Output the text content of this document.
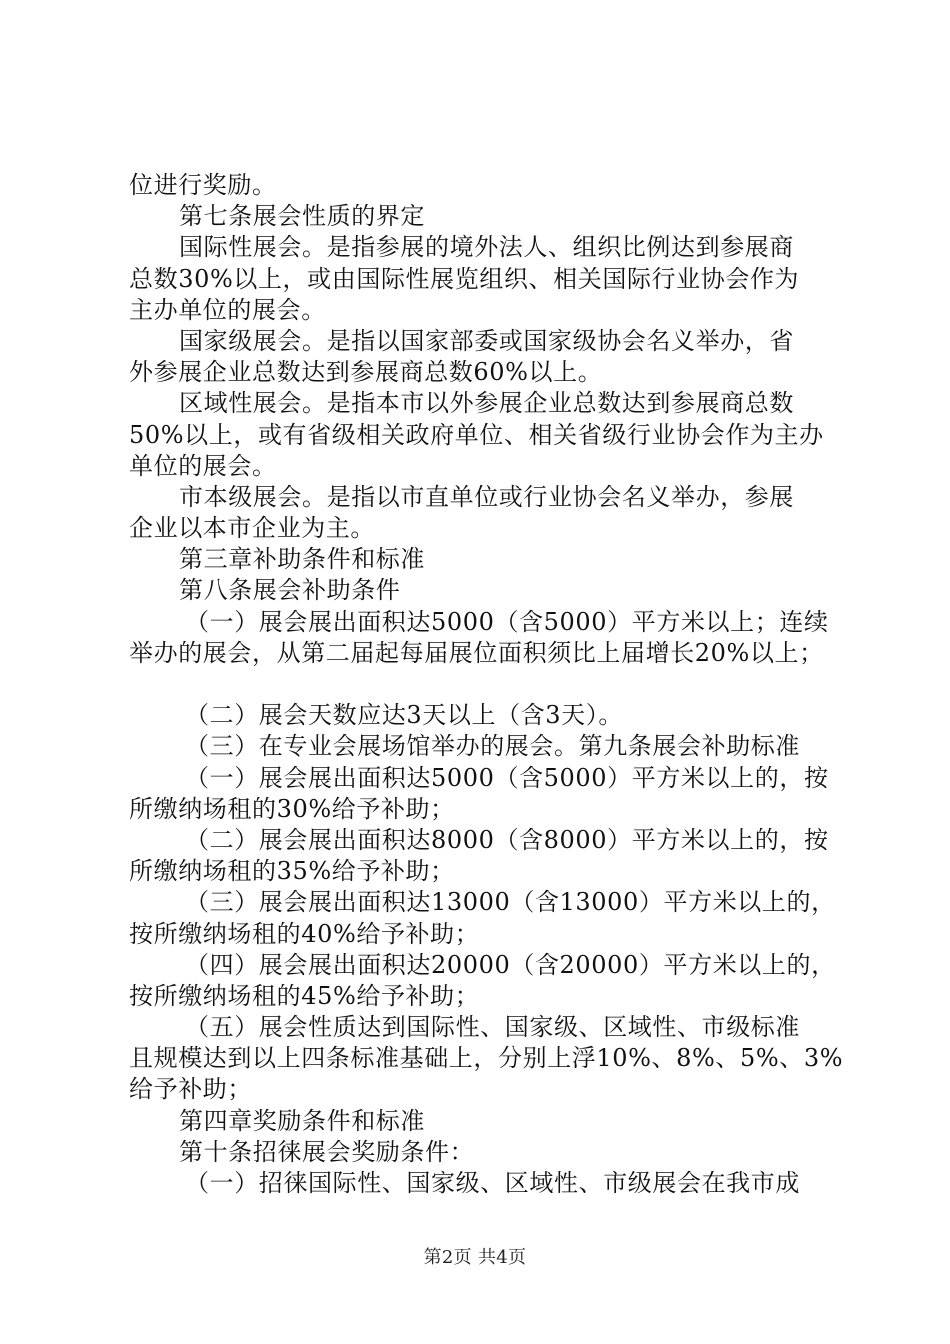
位进行奖励。
第七条展会性质的界定
国际性展会。是指参展的境外法人、组织比例达到参展商
总数30%以上，或由国际性展览组织、相关国际行业协会作为
主办单位的展会。
国家级展会。是指以国家部委或国家级协会名义举办，省
外参展企业总数达到参展商总数60%以上。
区域性展会。是指本市以外参展企业总数达到参展商总数
50%以上，或有省级相关政府单位、相关省级行业协会作为主办
单位的展会。
市本级展会。是指以市直单位或行业协会名义举办，参展
企业以本市企业为主。
第三章补助条件和标准
第八条展会补助条件
（一）展会展出面积达5000（含5000）平方米以上；连续
举办的展会，从第二届起每届展位面积须比上届增长20%以上；
（二）展会天数应达3天以上（含3天）。
（三）在专业会展场馆举办的展会。第九条展会补助标准
（一）展会展出面积达5000（含5000）平方米以上的，按
所缴纳场租的30%给予补助；
（二）展会展出面积达8000（含8000）平方米以上的，按
所缴纳场租的35%给予补助；
（三）展会展出面积达13000（含13000）平方米以上的，
按所缴纳场租的40%给予补助；
（四）展会展出面积达20000（含20000）平方米以上的，
按所缴纳场租的45%给予补助；
（五）展会性质达到国际性、国家级、区域性、市级标准
且规模达到以上四条标准基础上，分别上浮10%、8%、5%、3%
给予补助；
第四章奖励条件和标准
第十条招徕展会奖励条件：
（一）招徕国际性、国家级、区域性、市级展会在我市成
第2页 共4页
